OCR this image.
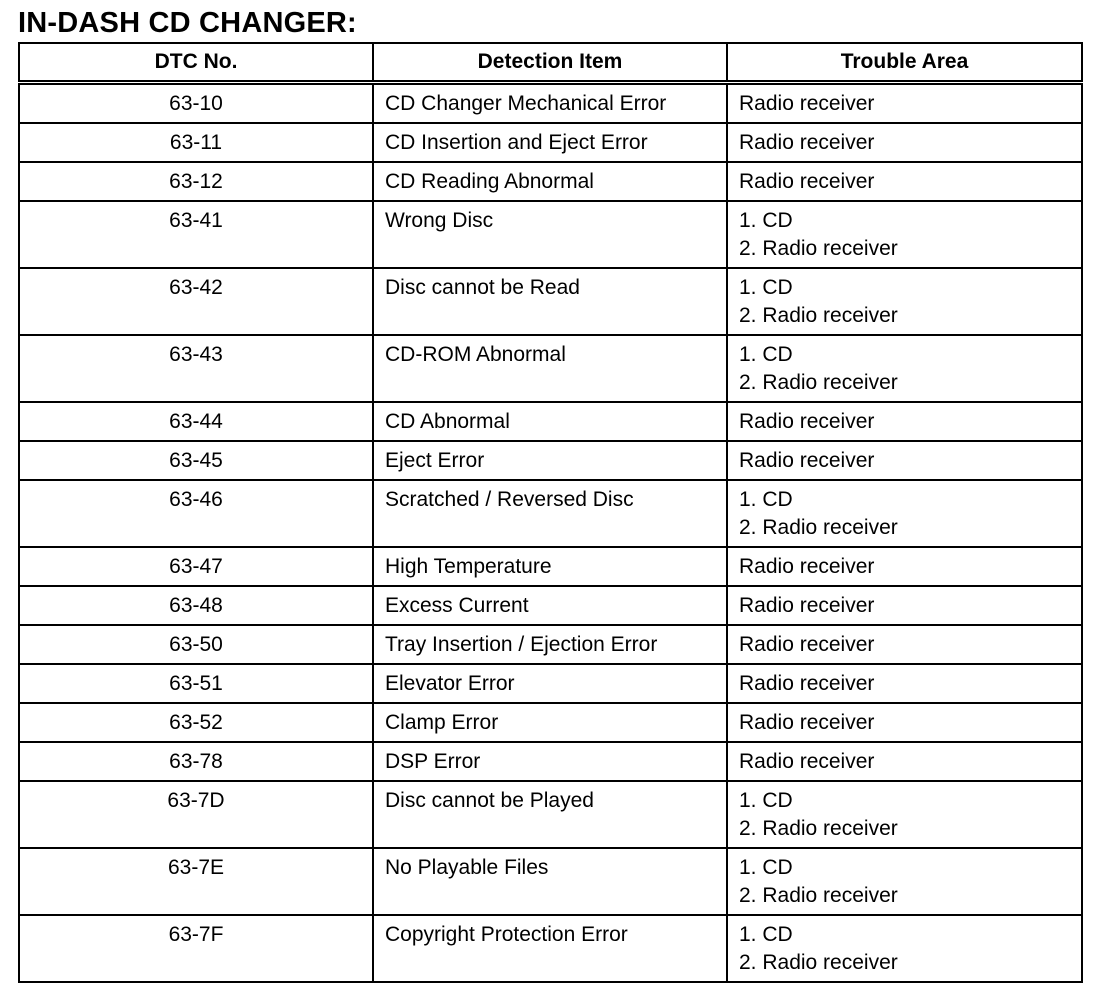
IN-DASH CD CHANGER:
DTC No.	Detection Item	Trouble Area
63-10	CD Changer Mechanical Error	Radio receiver

63-11	CD Insertion and Eject Error	Radio receiver

63-12	CD Reading Abnormal	Radio receiver

63-41	Wrong Disc	1. CD
2. Radio receiver

63-42	Disc cannot be Read	1. CD
2. Radio receiver

63-43	CD-ROM Abnormal	1. CD
2. Radio receiver

63-44	CD Abnormal	Radio receiver

63-45	Eject Error	Radio receiver

63-46	Scratched / Reversed Disc	1. CD
2. Radio receiver

63-47	High Temperature	Radio receiver

63-48	Excess Current	Radio receiver

63-50	Tray Insertion / Ejection Error	Radio receiver

63-51	Elevator Error	Radio receiver

63-52	Clamp Error	Radio receiver

63-78	DSP Error	Radio receiver

63-7D	Disc cannot be Played	1. CD
2. Radio receiver

63-7E	No Playable Files	1. CD
2. Radio receiver

63-7F	Copyright Protection Error	1. CD
2. Radio receiver
